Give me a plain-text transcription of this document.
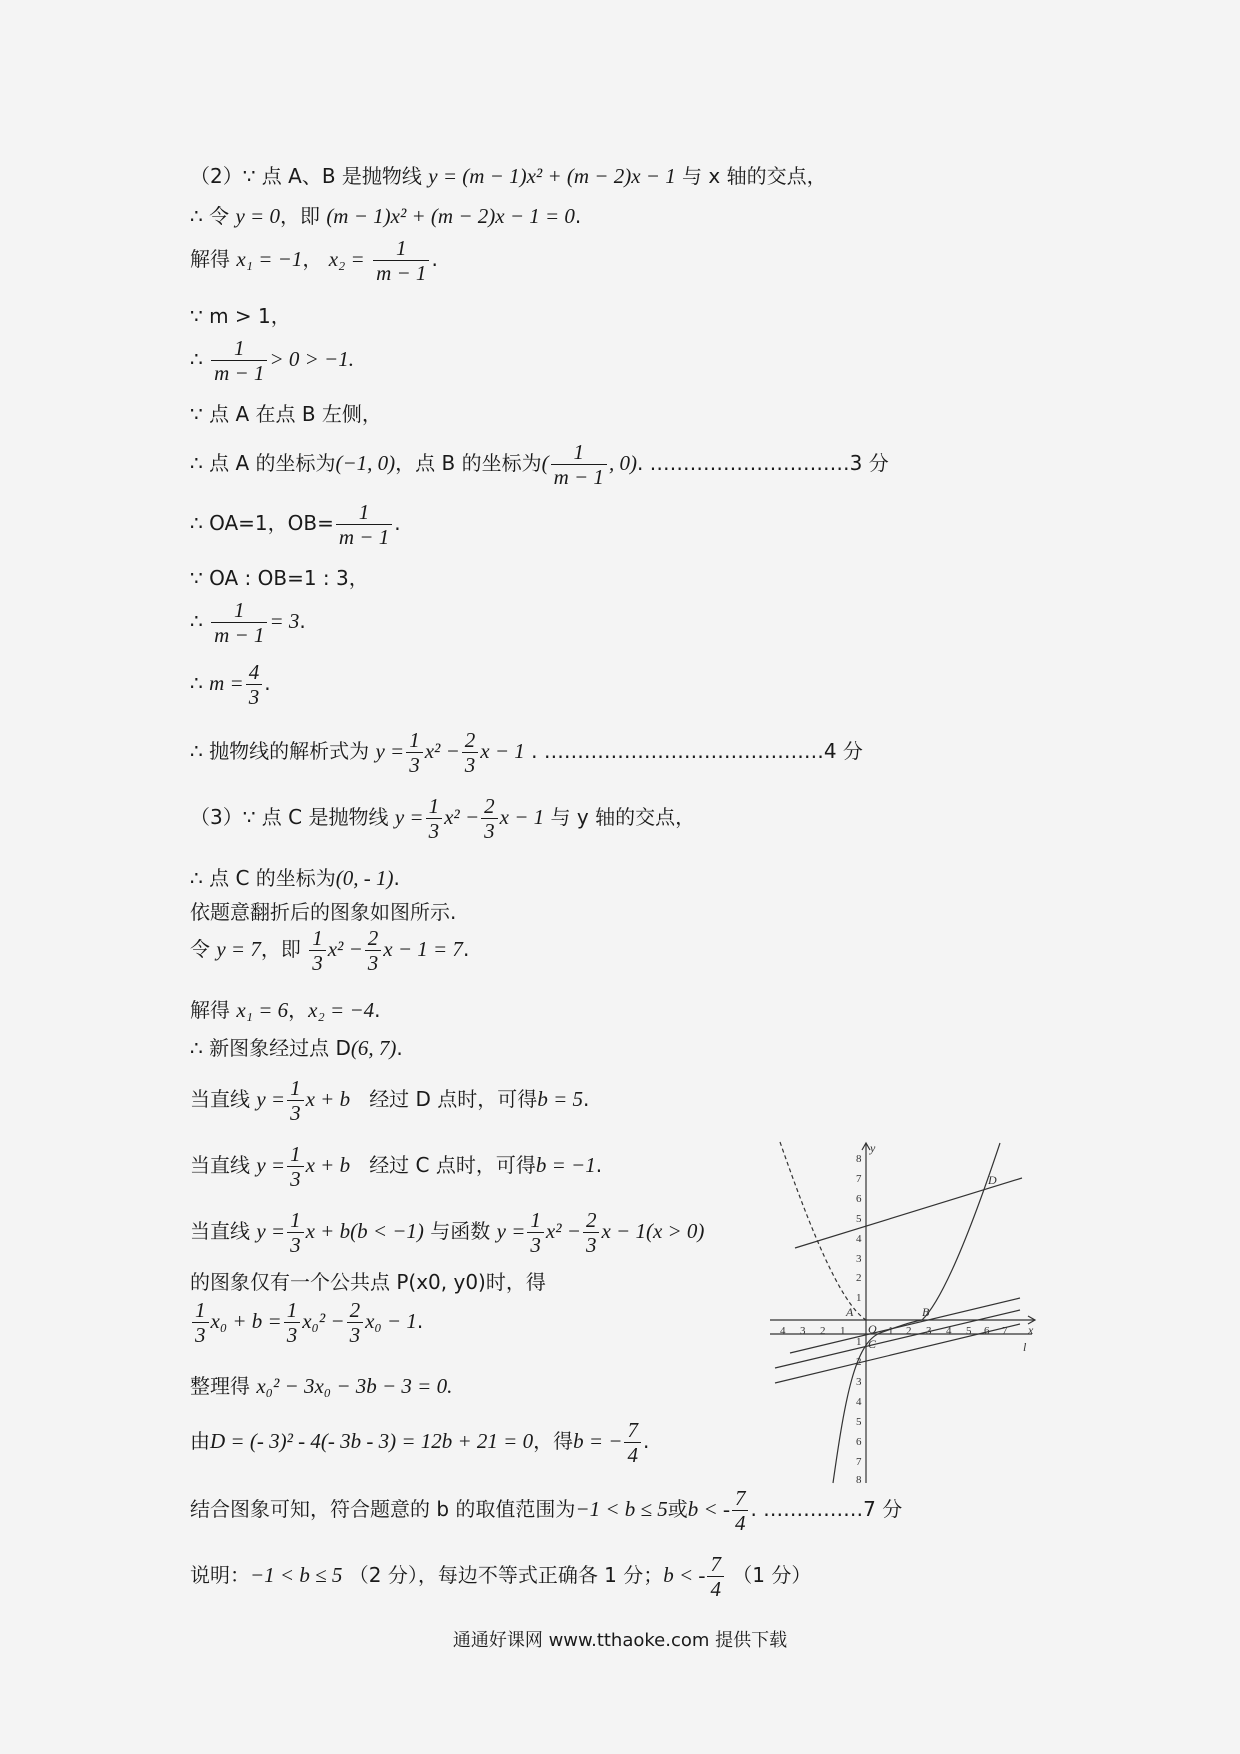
（2）∵ 点 A、B 是抛物线 y = (m − 1)x² + (m − 2)x − 1 与 x 轴的交点，
∴ 令 y = 0，即 (m − 1)x² + (m − 2)x − 1 = 0.
解得 x₁ = −1， $x_2 = \frac{1}{m - 1}$ .
∵ m > 1，
∴ $\frac{1}{m - 1} > 0 > -1$.
∵ 点 A 在点 B 左侧，
∴ 点 A 的坐标为(−1, 0)，点 B 的坐标为( $\frac{1}{m - 1}$ , 0). …………………………3 分
∴ OA=1，$OB= \frac{1}{m - 1}$ .
∵ OA : OB=1 : 3，
∴ $\frac{1}{m - 1} = 3$.
∴ $m = \frac{4}{3}$ .
∴ 抛物线的解析式为 $y = \frac{1}{3} x^2 - \frac{2}{3}$ x − 1 . ……………………………………4 分
（3）∵ 点 C 是抛物线 $y = \frac{1}{3} x^2 - \frac{2}{3}$ x − 1 与 y 轴的交点，
∴ 点 C 的坐标为(0, - 1).
依题意翻折后的图象如图所示.
令 y = 7，即 $\frac{1}{3} x^2 - \frac{2}{3}$ x − 1 = 7.
解得 x₁ = 6，x₂ = −4.
∴ 新图象经过点 D(6, 7).
当直线 $y = \frac{1}{3}$ x + b 经过 D 点时，可得b = 5.
当直线 $y = \frac{1}{3}$ x + b 经过 C 点时，可得b = −1.
当直线 $y = \frac{1}{3}$ x + b(b < −1) 与函数 $y = \frac{1}{3} x^2 - \frac{2}{3}$ x − 1(x > 0)
的图象仅有一个公共点 P(x0, y0)时，得
$\frac{1}{3} x_0 + b = \frac{1}{3} x_0^2 - \frac{2}{3} x_0 - 1$.
整理得 x₀² − 3x₀ − 3b − 3 = 0.
由D = (- 3)² - 4(- 3b - 3) = 12b + 21 = 0，得b = − $\frac{7}{4}$ .
结合图象可知，符合题意的 b 的取值范围为−1 < b ≤ 5或b < - $\frac{7}{4}$ . ……………7 分
说明：−1 < b ≤ 5 （2 分），每边不等式正确各 1 分；b < - $\frac{7}{4} (1$ 分）
4 3 2 1	1 2 3 4 5 6 7
1
2
3
4
5
6
7
8
1
2
3
4
5
6
7
8
x
y
O
l
A	B
C
D
通通好课网 www.tthaoke.com 提供下载
